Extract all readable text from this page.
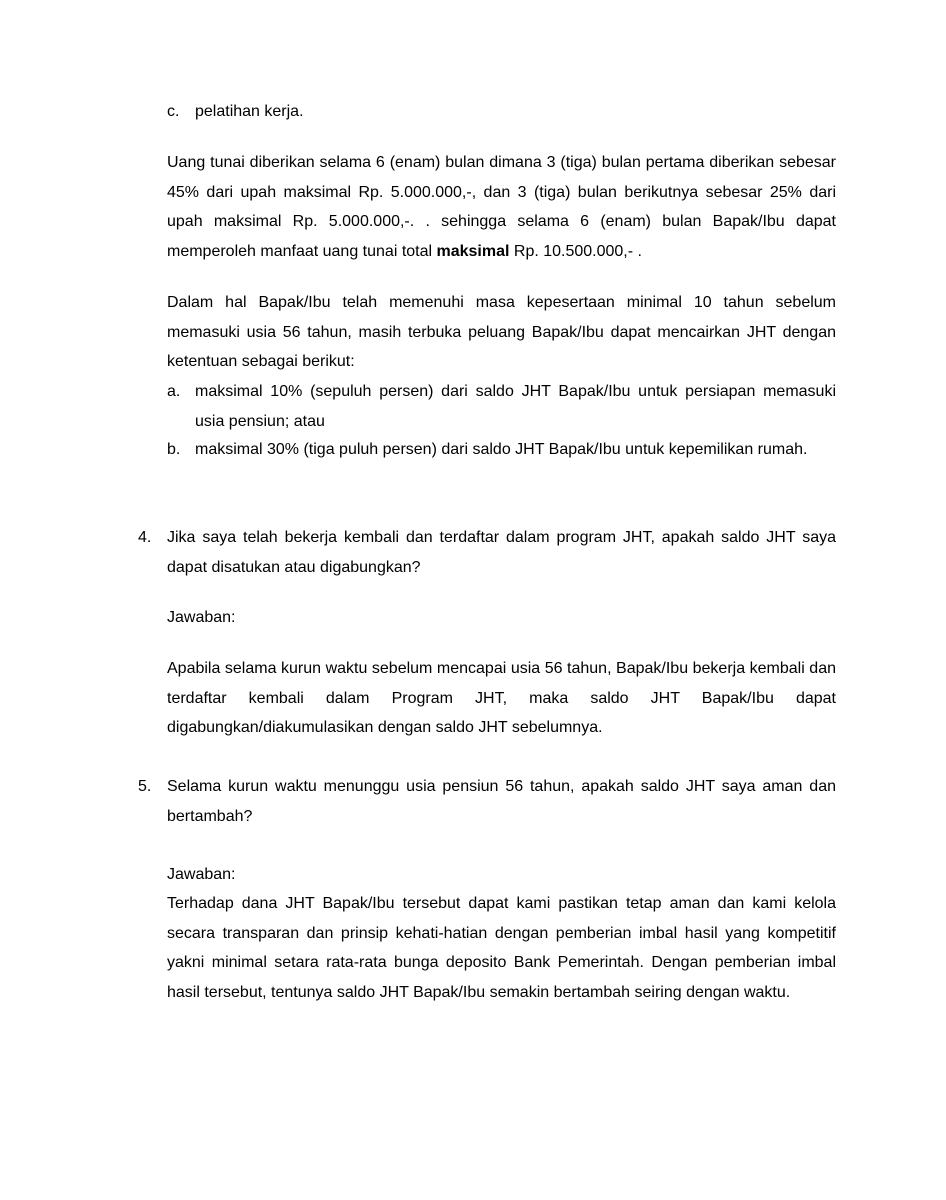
c. pelatihan kerja.
Uang tunai diberikan selama 6 (enam) bulan dimana 3 (tiga) bulan pertama diberikan sebesar 45% dari upah maksimal Rp. 5.000.000,-, dan 3 (tiga) bulan berikutnya sebesar 25% dari upah maksimal Rp. 5.000.000,-. . sehingga selama 6 (enam) bulan Bapak/Ibu dapat memperoleh manfaat uang tunai total maksimal Rp. 10.500.000,- .
Dalam hal Bapak/Ibu telah memenuhi masa kepesertaan minimal 10 tahun sebelum memasuki usia 56 tahun, masih terbuka peluang Bapak/Ibu dapat mencairkan JHT dengan ketentuan sebagai berikut:
a. maksimal 10% (sepuluh persen) dari saldo JHT Bapak/Ibu untuk persiapan memasuki usia pensiun; atau
b. maksimal 30% (tiga puluh persen) dari saldo JHT Bapak/Ibu untuk kepemilikan rumah.
4. Jika saya telah bekerja kembali dan terdaftar dalam program JHT, apakah saldo JHT saya dapat disatukan atau digabungkan?
Jawaban:
Apabila selama kurun waktu sebelum mencapai usia 56 tahun, Bapak/Ibu bekerja kembali dan terdaftar kembali dalam Program JHT, maka saldo JHT Bapak/Ibu dapat digabungkan/diakumulasikan dengan saldo JHT sebelumnya.
5. Selama kurun waktu menunggu usia pensiun 56 tahun, apakah saldo JHT saya aman dan bertambah?
Jawaban:
Terhadap dana JHT Bapak/Ibu tersebut dapat kami pastikan tetap aman dan kami kelola secara transparan dan prinsip kehati-hatian dengan pemberian imbal hasil yang kompetitif yakni minimal setara rata-rata bunga deposito Bank Pemerintah. Dengan pemberian imbal hasil tersebut, tentunya saldo JHT Bapak/Ibu semakin bertambah seiring dengan waktu.
